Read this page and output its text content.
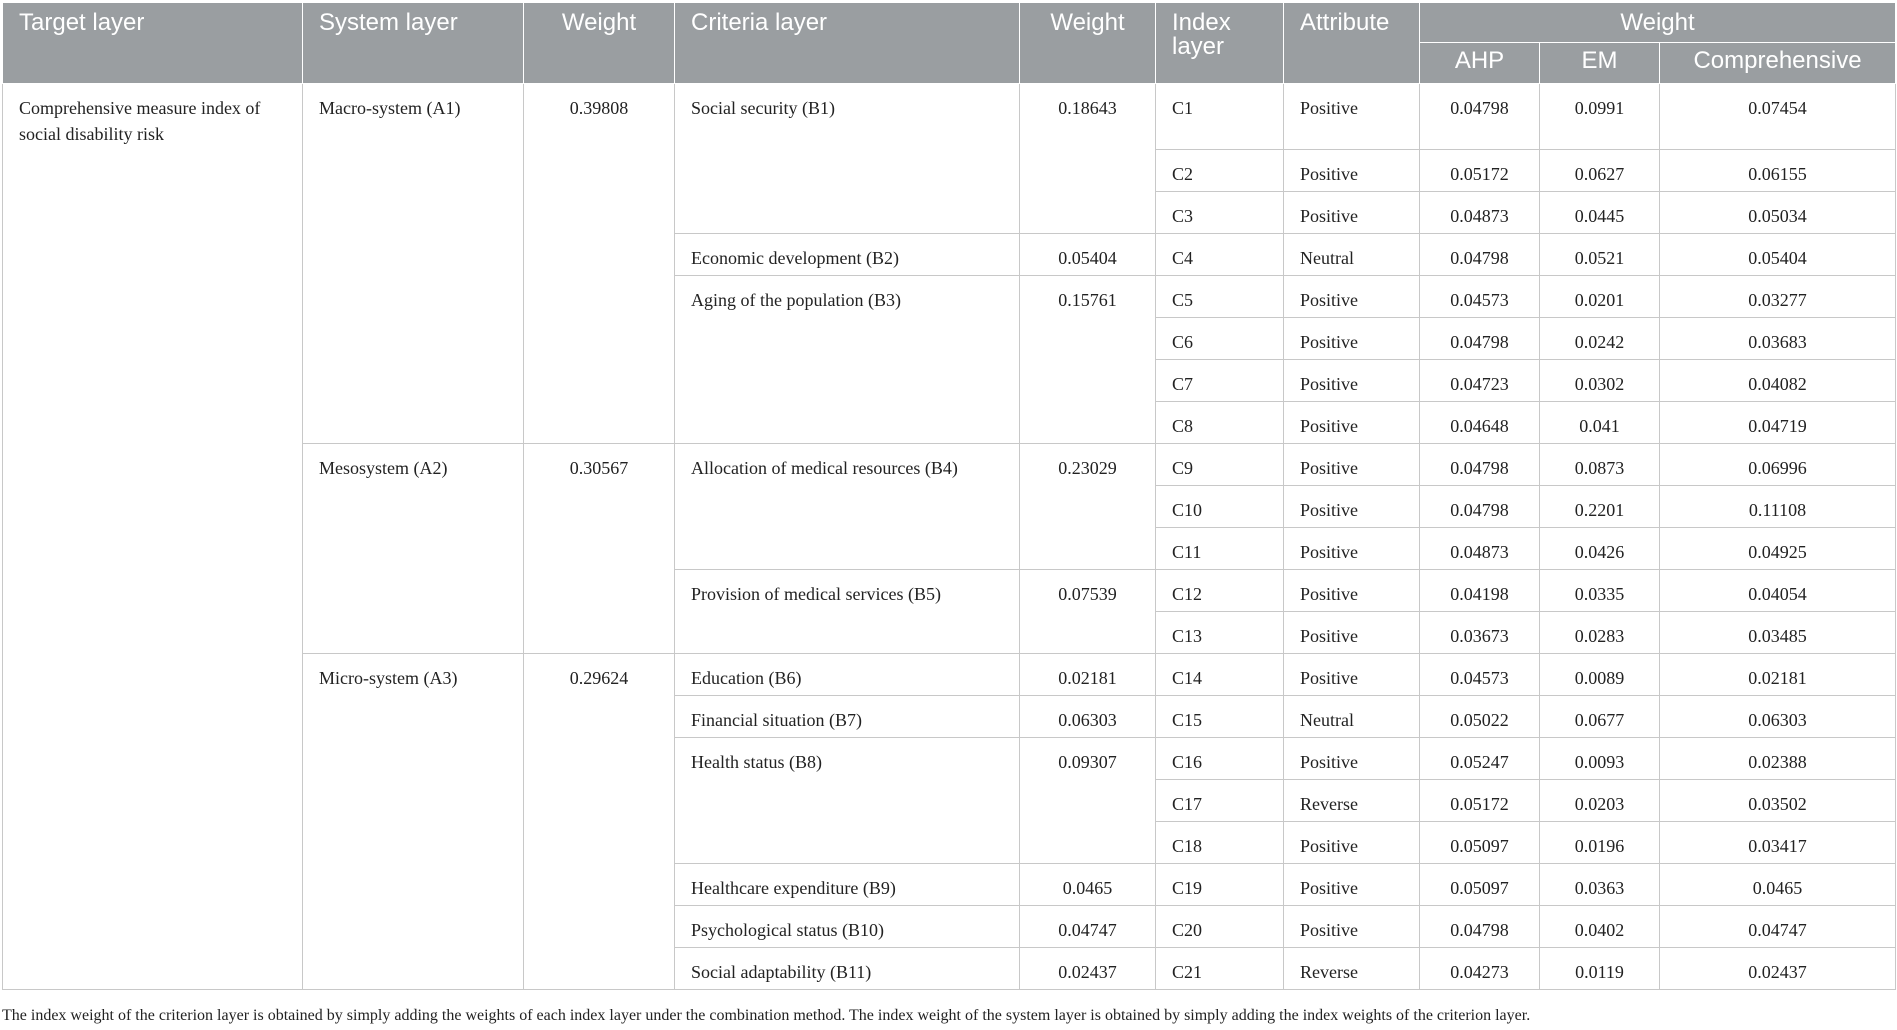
Target layer	System layer	Weight	Criteria layer	Weight	Index layer	Attribute	Weight		
							AHP	EM	Comprehensive
Comprehensive measure index of social disability risk	Macro-system (A1)	0.39808	Social security (B1)	0.18643	C1	Positive	0.04798	0.0991	0.07454
					C2	Positive	0.05172	0.0627	0.06155
					C3	Positive	0.04873	0.0445	0.05034
			Economic development (B2)	0.05404	C4	Neutral	0.04798	0.0521	0.05404
			Aging of the population (B3)	0.15761	C5	Positive	0.04573	0.0201	0.03277
					C6	Positive	0.04798	0.0242	0.03683
					C7	Positive	0.04723	0.0302	0.04082
					C8	Positive	0.04648	0.041	0.04719
	Mesosystem (A2)	0.30567	Allocation of medical resources (B4)	0.23029	C9	Positive	0.04798	0.0873	0.06996
					C10	Positive	0.04798	0.2201	0.11108
					C11	Positive	0.04873	0.0426	0.04925
			Provision of medical services (B5)	0.07539	C12	Positive	0.04198	0.0335	0.04054
					C13	Positive	0.03673	0.0283	0.03485
	Micro-system (A3)	0.29624	Education (B6)	0.02181	C14	Positive	0.04573	0.0089	0.02181
			Financial situation (B7)	0.06303	C15	Neutral	0.05022	0.0677	0.06303
			Health status (B8)	0.09307	C16	Positive	0.05247	0.0093	0.02388
					C17	Reverse	0.05172	0.0203	0.03502
					C18	Positive	0.05097	0.0196	0.03417
			Healthcare expenditure (B9)	0.0465	C19	Positive	0.05097	0.0363	0.0465
			Psychological status (B10)	0.04747	C20	Positive	0.04798	0.0402	0.04747
			Social adaptability (B11)	0.02437	C21	Reverse	0.04273	0.0119	0.02437
The index weight of the criterion layer is obtained by simply adding the weights of each index layer under the combination method. The index weight of the system layer is obtained by simply adding the index weights of the criterion layer.
